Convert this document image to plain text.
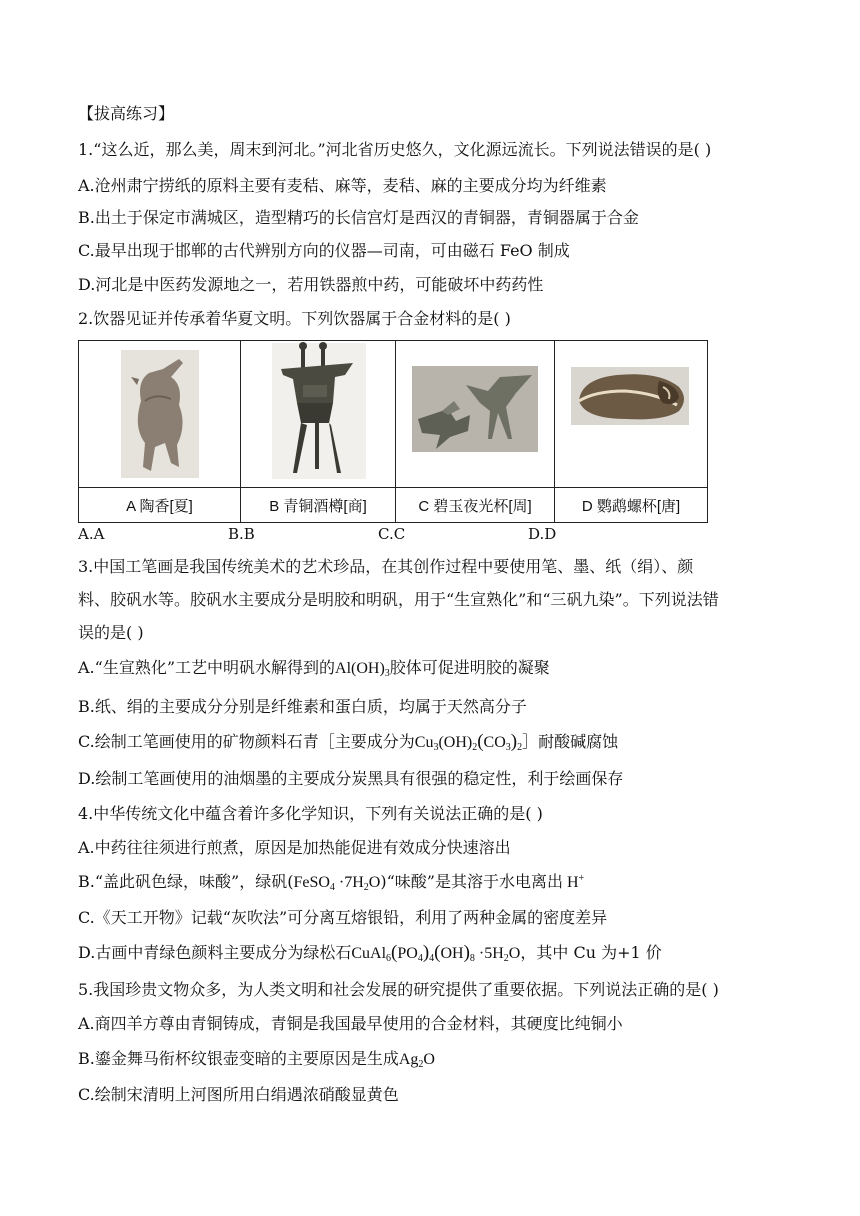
【拔高练习】
1.“这么近，那么美，周末到河北。”河北省历史悠久，文化源远流长。下列说法错误的是( )
A.沧州肃宁捞纸的原料主要有麦秸、麻等，麦秸、麻的主要成分均为纤维素
B.出土于保定市满城区，造型精巧的长信宫灯是西汉的青铜器，青铜器属于合金
C.最早出现于邯郸的古代辨别方向的仪器—司南，可由磁石 FeO 制成
D.河北是中医药发源地之一，若用铁器煎中药，可能破坏中药药性
2.饮器见证并传承着华夏文明。下列饮器属于合金材料的是( )
A 陶香[夏]	B 青铜酒樽[商]	C 碧玉夜光杯[周]	D 鹦鹉螺杯[唐]
A.A	B.B	C.C	D.D
3.中国工笔画是我国传统美术的艺术珍品，在其创作过程中要使用笔、墨、纸（绢）、颜
料、胶矾水等。胶矾水主要成分是明胶和明矾，用于“生宣熟化”和“三矾九染”。下列说法错
误的是( )
A.“生宣熟化”工艺中明矾水解得到的$Al(OH)_3$胶体可促进明胶的凝聚
B.纸、绢的主要成分分别是纤维素和蛋白质，均属于天然高分子
C.绘制工笔画使用的矿物颜料石青［主要成分为$Cu_3(OH)_2(CO_3)_2]$耐酸碱腐蚀
D.绘制工笔画使用的油烟墨的主要成分炭黑具有很强的稳定性，利于绘画保存
4.中华传统文化中蕴含着许多化学知识，下列有关说法正确的是( )
A.中药往往须进行煎煮，原因是加热能促进有效成分快速溶出
B.“盖此矾色绿，味酸”，绿矾(FeSO$_4$ $\cdot 7H_2O)“$味酸”是其溶于水电离出 H+
C.《天工开物》记载“灰吹法”可分离互熔银铅，利用了两种金属的密度差异
D.古画中青绿色颜料主要成分为绿松石$CuAl_6(PO_4)_4(OH)_8 \cdot 5H_2O$，其中 Cu 为+1 价
5.我国珍贵文物众多，为人类文明和社会发展的研究提供了重要依据。下列说法正确的是( )
A.商四羊方尊由青铜铸成，青铜是我国最早使用的合金材料，其硬度比纯铜小
B.鎏金舞马衔杯纹银壶变暗的主要原因是生成$Ag_2O$
C.绘制宋清明上河图所用白绢遇浓硝酸显黄色
